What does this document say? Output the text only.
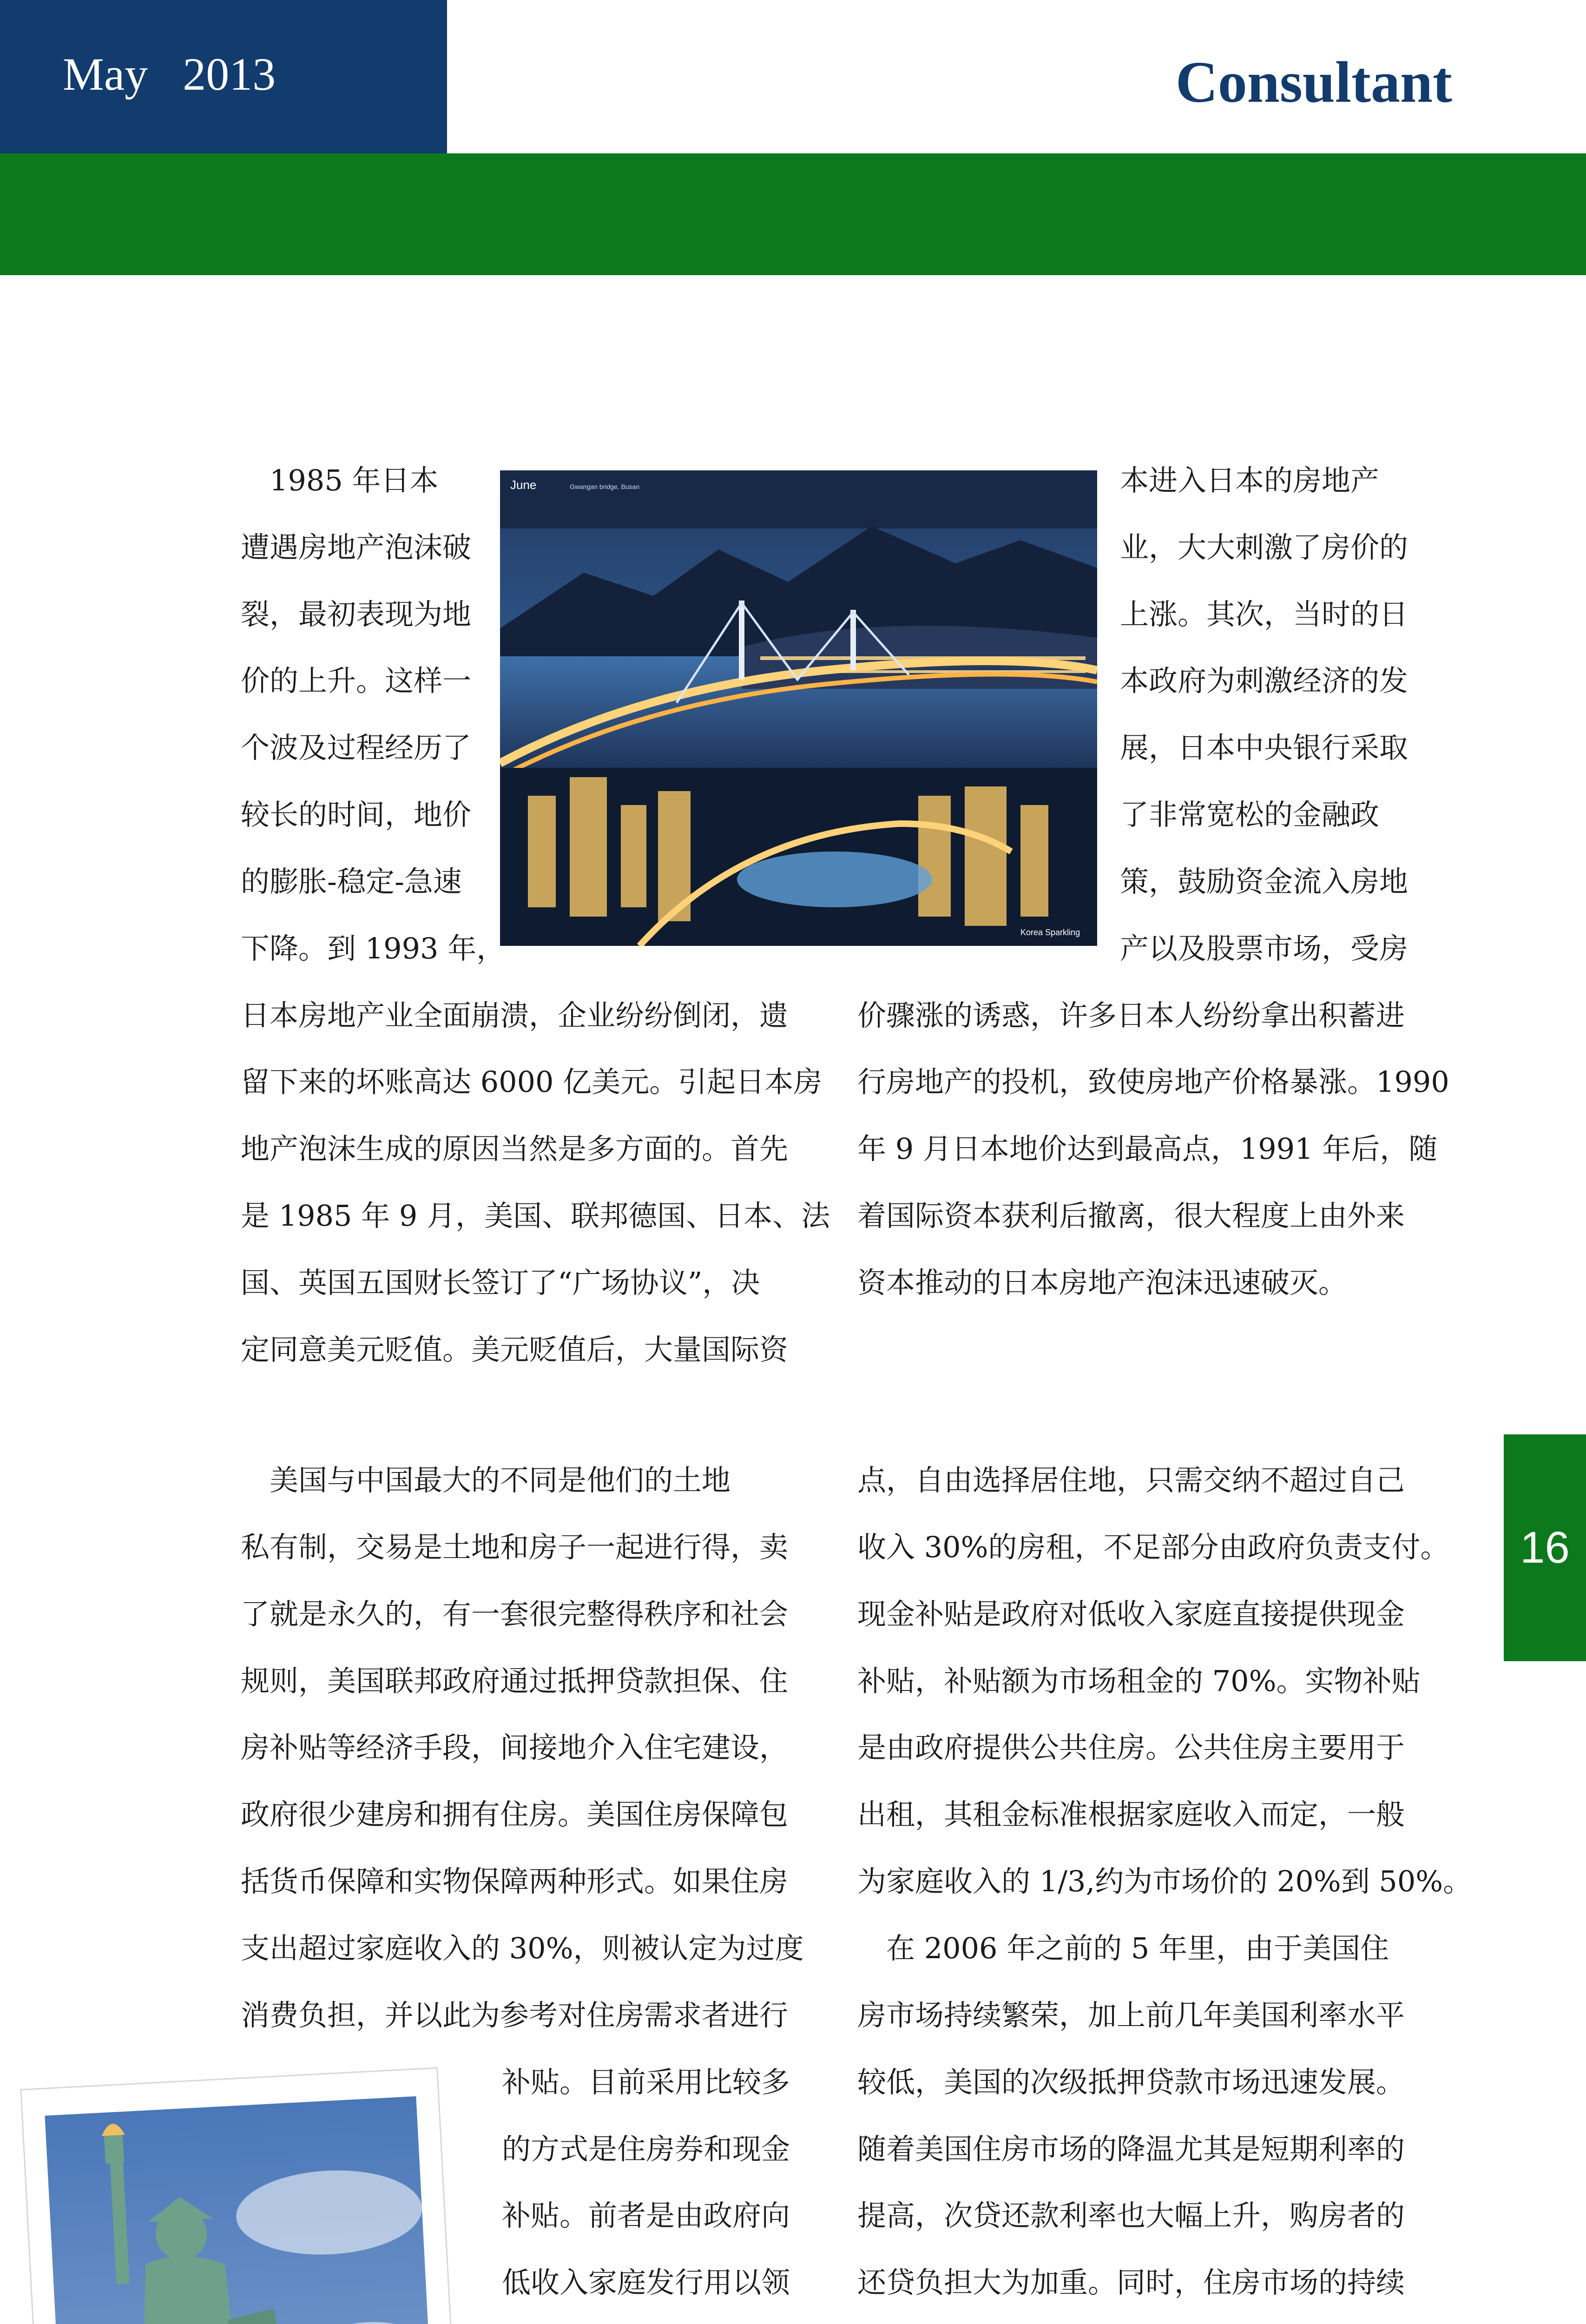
May   2013	Consultant
16
June	Gwangan bridge, Busan
Korea Sparkling
　1985 年日本
遭遇房地产泡沫破
裂，最初表现为地
价的上升。这样一
个波及过程经历了
较长的时间，地价
的膨胀-稳定-急速
下降。到 1993 年，
日本房地产业全面崩溃，企业纷纷倒闭，遗
留下来的坏账高达 6000 亿美元。引起日本房
地产泡沫生成的原因当然是多方面的。首先
是 1985 年 9 月，美国、联邦德国、日本、法
国、英国五国财长签订了“广场协议”，决
定同意美元贬值。美元贬值后，大量国际资
本进入日本的房地产
业，大大刺激了房价的
上涨。其次，当时的日
本政府为刺激经济的发
展，日本中央银行采取
了非常宽松的金融政
策，鼓励资金流入房地
产以及股票市场，受房
价骤涨的诱惑，许多日本人纷纷拿出积蓄进
行房地产的投机，致使房地产价格暴涨。1990
年 9 月日本地价达到最高点，1991 年后，随
着国际资本获利后撤离，很大程度上由外来
资本推动的日本房地产泡沫迅速破灭。
　美国与中国最大的不同是他们的土地
私有制，交易是土地和房子一起进行得，卖
了就是永久的，有一套很完整得秩序和社会
规则，美国联邦政府通过抵押贷款担保、住
房补贴等经济手段，间接地介入住宅建设，
政府很少建房和拥有住房。美国住房保障包
括货币保障和实物保障两种形式。如果住房
支出超过家庭收入的 30%，则被认定为过度
消费负担，并以此为参考对住房需求者进行
补贴。目前采用比较多
的方式是住房券和现金
补贴。前者是由政府向
低收入家庭发行用以领
点，自由选择居住地，只需交纳不超过自己
收入 30%的房租，不足部分由政府负责支付。
现金补贴是政府对低收入家庭直接提供现金
补贴，补贴额为市场租金的 70%。实物补贴
是由政府提供公共住房。公共住房主要用于
出租，其租金标准根据家庭收入而定，一般
为家庭收入的 1/3,约为市场价的 20%到 50%。
　在 2006 年之前的 5 年里，由于美国住
房市场持续繁荣，加上前几年美国利率水平
较低，美国的次级抵押贷款市场迅速发展。
随着美国住房市场的降温尤其是短期利率的
提高，次贷还款利率也大幅上升，购房者的
还贷负担大为加重。同时，住房市场的持续
